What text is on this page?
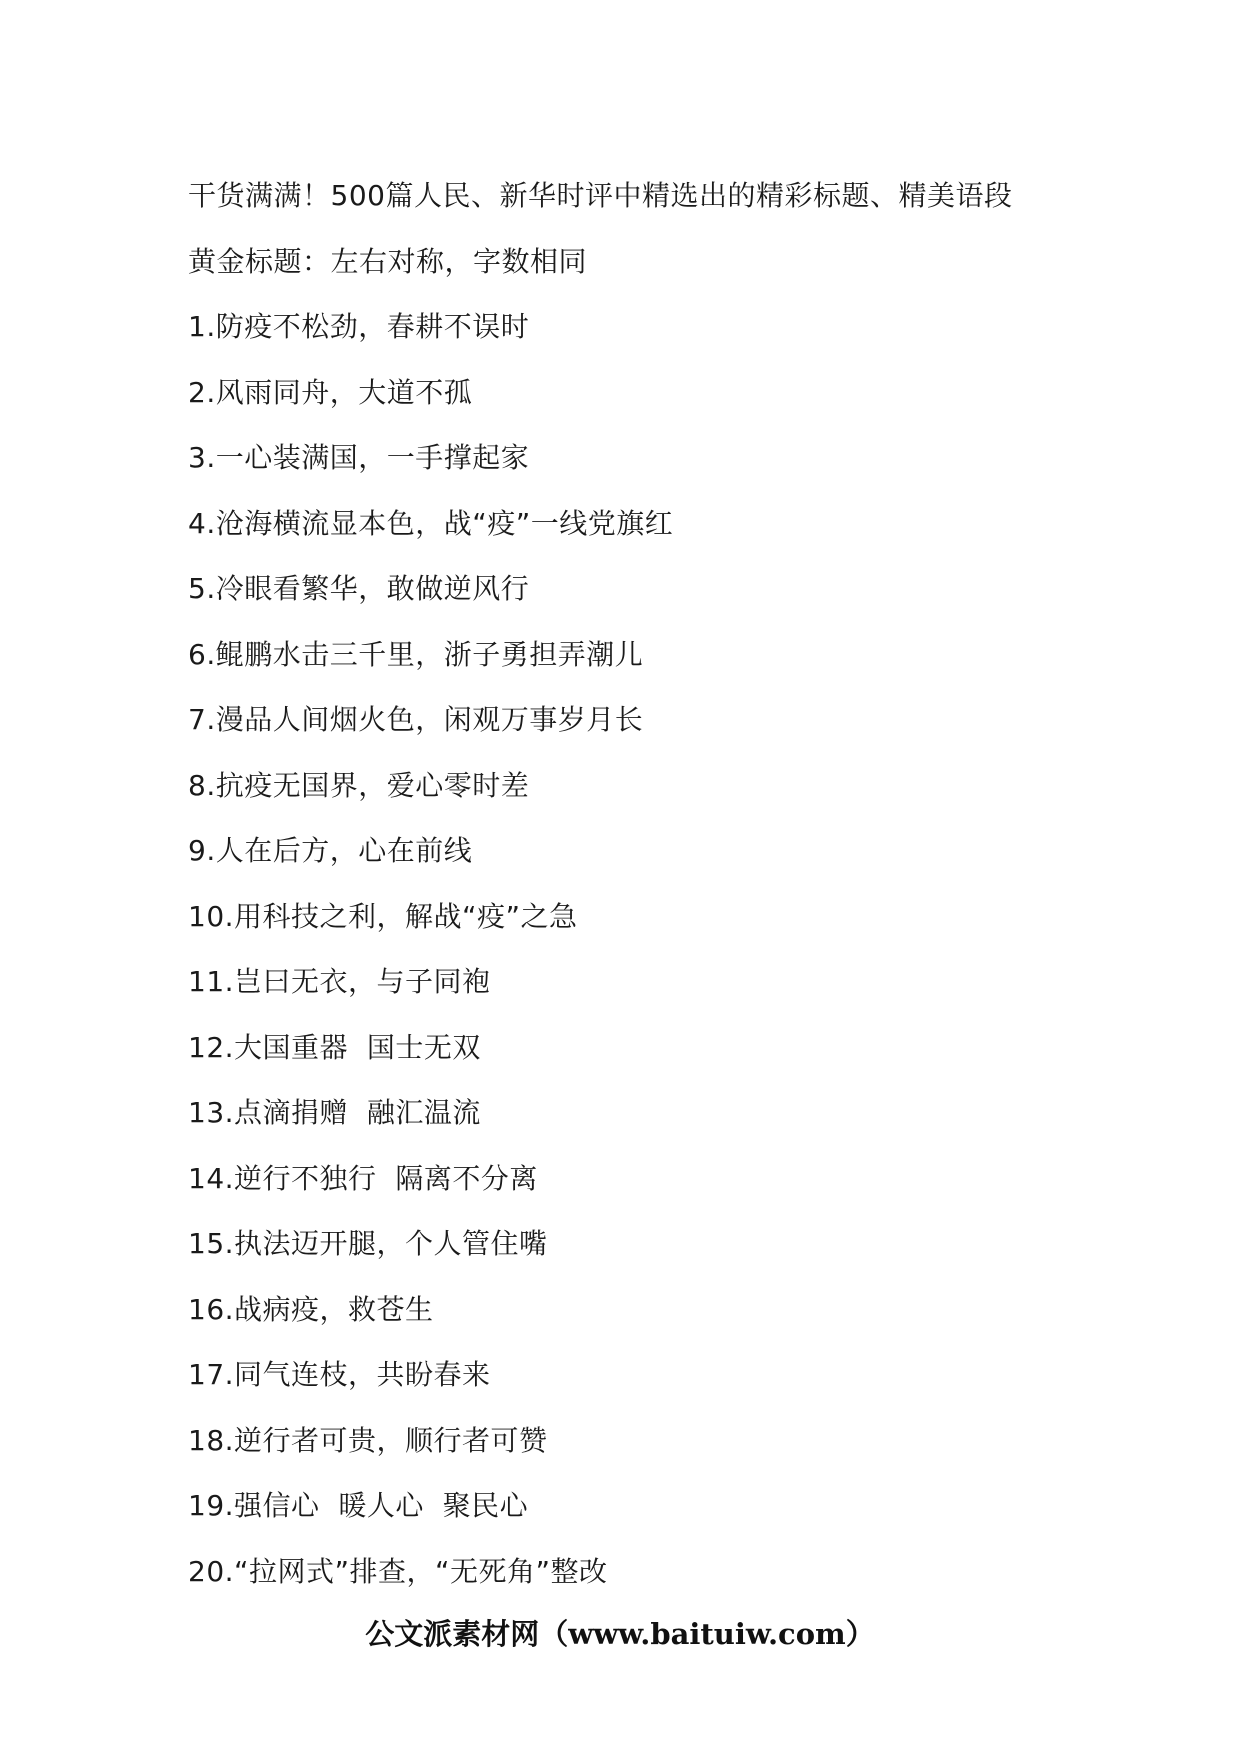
干货满满！500篇人民、新华时评中精选出的精彩标题、精美语段
黄金标题：左右对称，字数相同
1.防疫不松劲，春耕不误时
2.风雨同舟，大道不孤
3.一心装满国，一手撑起家
4.沧海横流显本色，战“疫”一线党旗红
5.冷眼看繁华，敢做逆风行
6.鲲鹏水击三千里，浙子勇担弄潮儿
7.漫品人间烟火色，闲观万事岁月长
8.抗疫无国界，爱心零时差
9.人在后方，心在前线
10.用科技之利，解战“疫”之急
11.岂曰无衣，与子同袍
12.大国重器  国士无双
13.点滴捐赠  融汇温流
14.逆行不独行  隔离不分离
15.执法迈开腿，个人管住嘴
16.战病疫，救苍生
17.同气连枝，共盼春来
18.逆行者可贵，顺行者可赞
19.强信心  暖人心  聚民心
20.“拉网式”排查，“无死角”整改
公文派素材网（www.baituiw.com）
